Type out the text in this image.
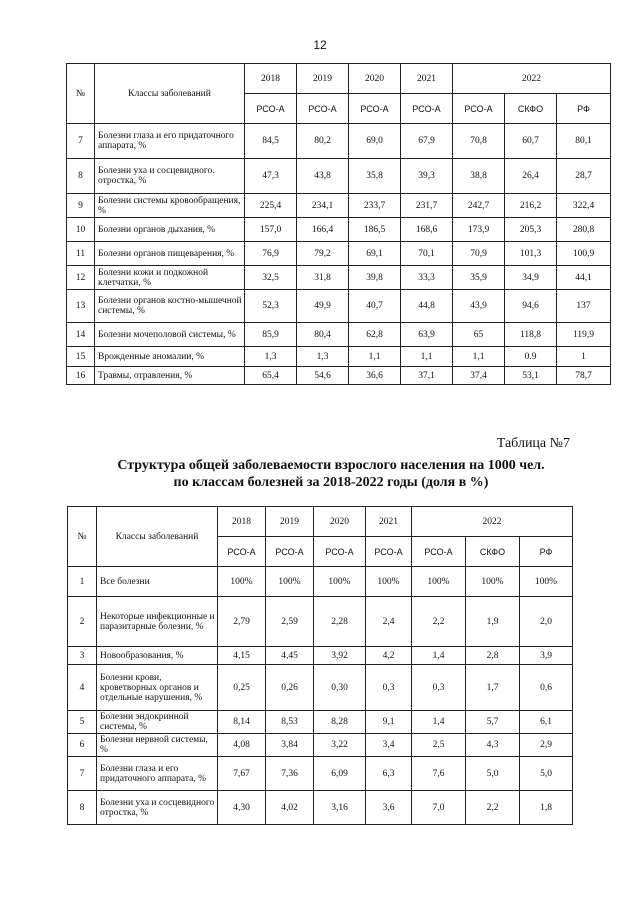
12
№	Классы заболеваний	2018	2019	2020	2021	2022		
		РСО-А	РСО-А	РСО-А	РСО-А	РСО-А	СКФО	РФ
7	Болезни глаза и его придаточного аппарата, %	84,5	80,2	69,0	67,9	70,8	60,7	80,1
8	Болезни уха и сосцевидного. отростка, %	47,3	43,8	35,8	39,3	38,8	26,4	28,7
9	Болезни системы кровообращения, %	225,4	234,1	233,7	231,7	242,7	216,2	322,4
10	Болезни органов дыхания, %	157,0	166,4	186,5	168,6	173,9	205,3	280,8
11	Болезни органов пищеварения, %	76,9	79,2	69,1	70,1	70,9	101,3	100,9
12	Болезни кожи и подкожной клетчатки, %	32,5	31,8	39,8	33,3	35,9	34,9	44,1
13	Болезни органов костно-мышечной системы, %	52,3	49,9	40,7	44,8	43,9	94,6	137
14	Болезни мочеполовой системы, %	85,9	80,4	62,8	63,9	65	118,8	119,9
15	Врожденные аномалии, %	1,3	1,3	1,1	1,1	1,1	0.9	1
16	Травмы, отравления, %	65,4	54,6	36,6	37,1	37,4	53,1	78,7
Таблица №7
Структура общей заболеваемости взрослого населения на 1000 чел.
по классам болезней за 2018-2022 годы (доля в %)
№	Классы заболеваний	2018	2019	2020	2021	2022		
		РСО-А	РСО-А	РСО-А	РСО-А	РСО-А	СКФО	РФ
1	Все болезни	100%	100%	100%	100%	100%	100%	100%
2	Некоторые инфекционные и паразитарные болезни, %	2,79	2,59	2,28	2,4	2,2	1,9	2,0
3	Новообразования, %	4,15	4,45	3,92	4,2	1,4	2,8	3,9
4	Болезни крови, кроветворных органов и отдельные нарушения, %	0,25	0,26	0,30	0,3	0,3	1,7	0,6
5	Болезни эндокринной системы, %	8,14	8,53	8,28	9,1	1,4	5,7	6,1
6	Болезни нервной системы, %	4,08	3,84	3,22	3,4	2,5	4,3	2,9
7	Болезни глаза и его придаточного аппарата, %	7,67	7,36	6,09	6,3	7,6	5,0	5,0
8	Болезни уха и сосцевидного отростка, %	4,30	4,02	3,16	3,6	7,0	2,2	1,8
